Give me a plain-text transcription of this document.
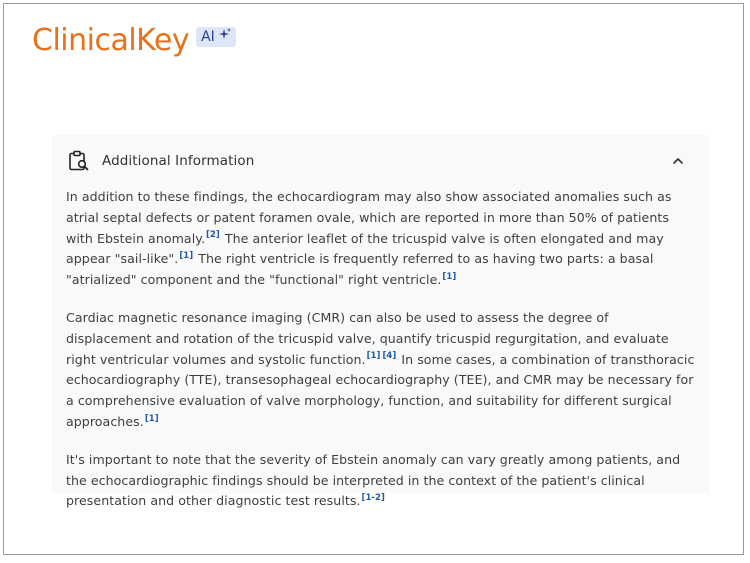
ClinicalKey AI
Additional Information

In addition to these findings, the echocardiogram may also show associated anomalies such as atrial septal defects or patent foramen ovale, which are reported in more than 50% of patients with Ebstein anomaly.[2] The anterior leaflet of the tricuspid valve is often elongated and may appear "sail-like".[1] The right ventricle is frequently referred to as having two parts: a basal "atrialized" component and the "functional" right ventricle.[1]

Cardiac magnetic resonance imaging (CMR) can also be used to assess the degree of displacement and rotation of the tricuspid valve, quantify tricuspid regurgitation, and evaluate right ventricular volumes and systolic function.[1] [4] In some cases, a combination of transthoracic echocardiography (TTE), transesophageal echocardiography (TEE), and CMR may be necessary for a comprehensive evaluation of valve morphology, function, and suitability for different surgical approaches.[1]

It's important to note that the severity of Ebstein anomaly can vary greatly among patients, and the echocardiographic findings should be interpreted in the context of the patient's clinical presentation and other diagnostic test results.[1-2]
